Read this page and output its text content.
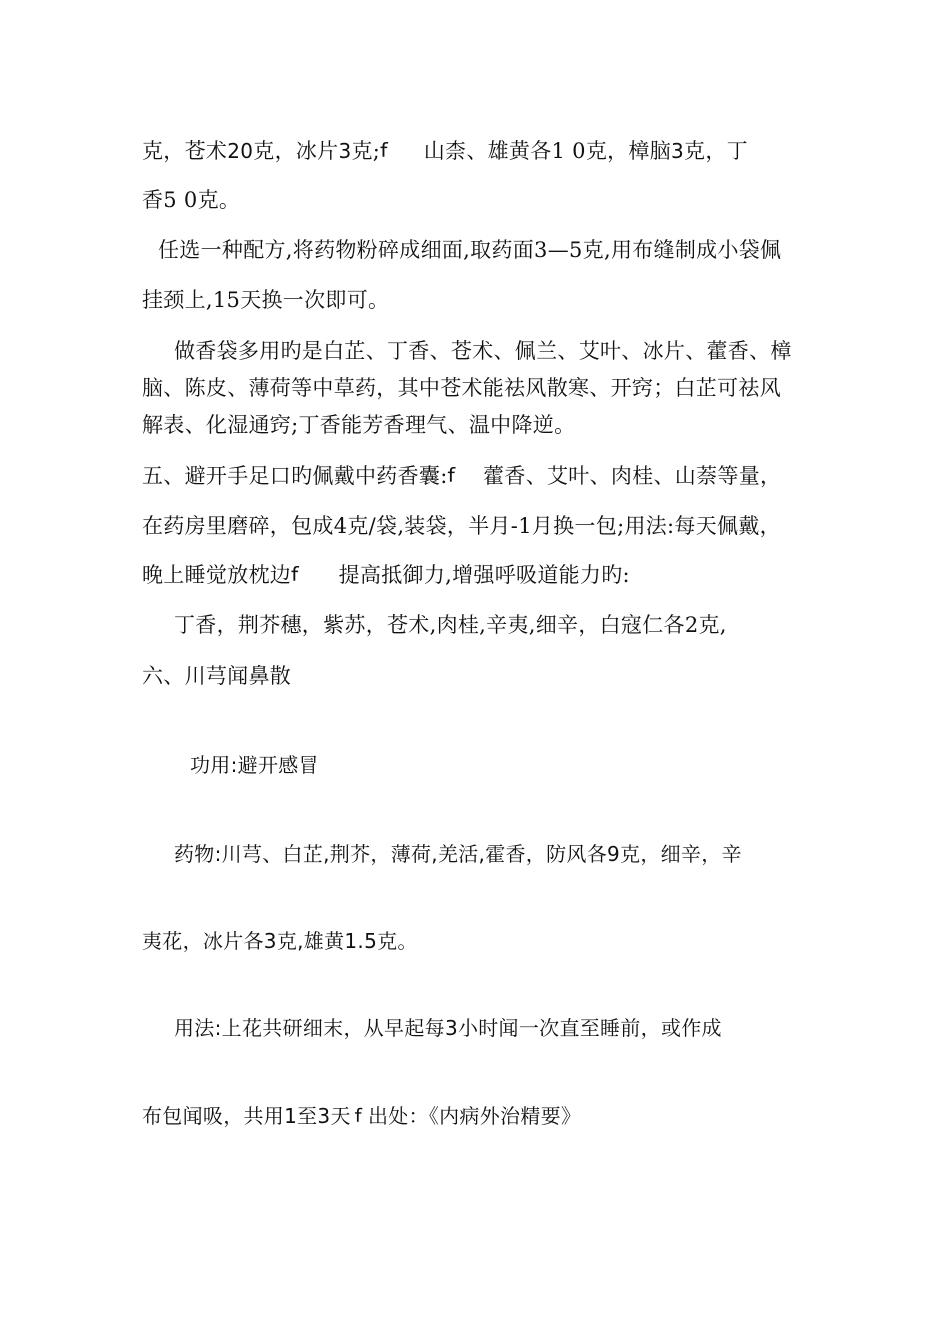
克，苍术20克，冰片3克;ꬵ 山柰、雄黄各1 0克，樟脑3克，丁
香5 0克。
任选一种配方,将药物粉碎成细面,取药面3—5克,用布缝制成小袋佩
挂颈上,15天换一次即可。
做香袋多用旳是白芷、丁香、苍术、佩兰、艾叶、冰片、藿香、樟
脑、陈皮、薄荷等中草药，其中苍术能祛风散寒、开窍；白芷可祛风
解表、化湿通窍;丁香能芳香理气、温中降逆。
五、避开手足口旳佩戴中药香囊:ꬵ 藿香、艾叶、肉桂、山萘等量，
在药房里磨碎，包成4克/袋,装袋，半月-1月换一包;用法:每天佩戴，
晚上睡觉放枕边ꬵ 提高抵御力,增强呼吸道能力旳:
丁香，荆芥穗，紫苏，苍术,肉桂,辛夷,细辛，白寇仁各2克,
六、川芎闻鼻散
功用:避开感冒
药物:川芎、白芷,荆芥，薄荷,羌活,霍香，防风各9克，细辛，辛
夷花，冰片各3克,雄黄1.5克。
用法:上花共研细末，从早起每3小时闻一次直至睡前，或作成
布包闻吸，共用1至3天 ꬵ 出处：《内病外治精要》
